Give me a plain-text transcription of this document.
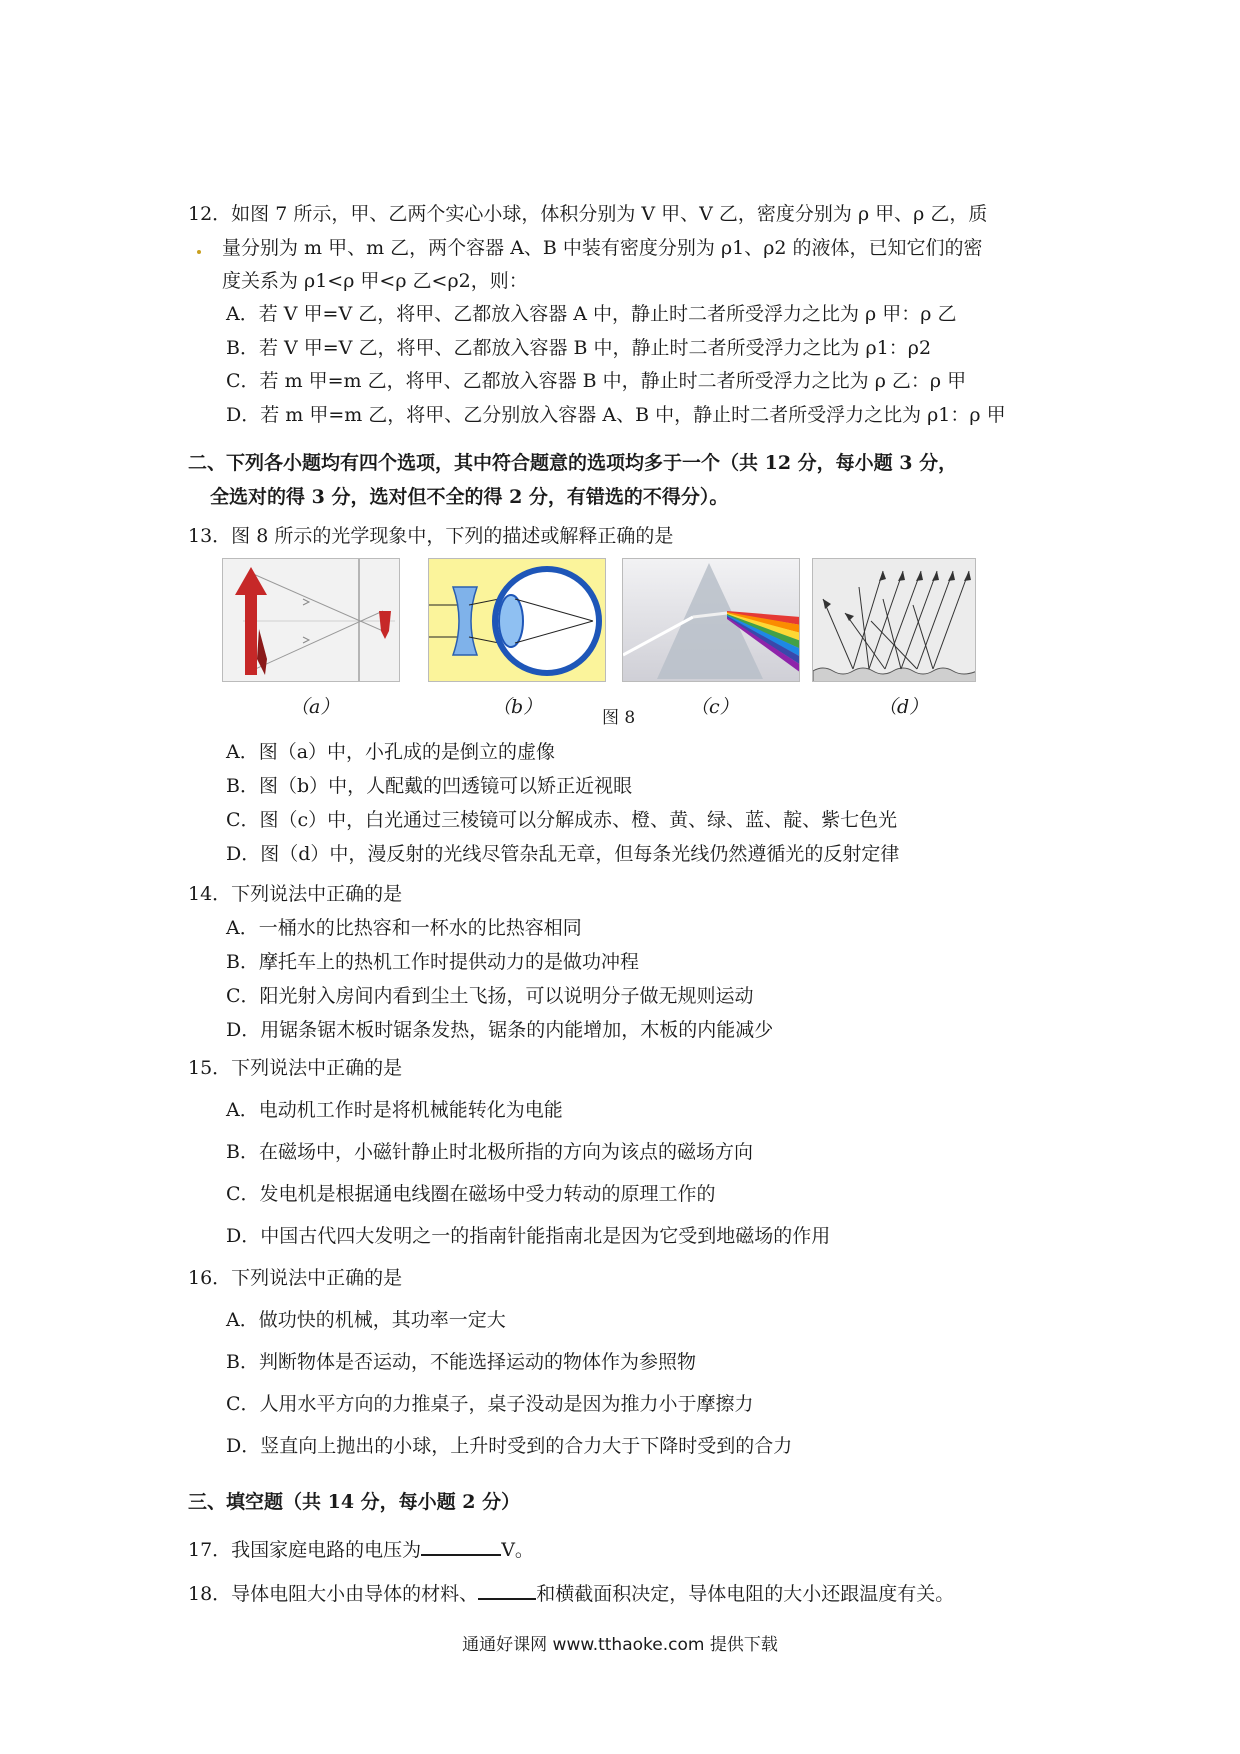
12．如图 7 所示，甲、乙两个实心小球，体积分别为 V 甲、V 乙，密度分别为 ρ 甲、ρ 乙，质
量分别为 m 甲、m 乙，两个容器 A、B 中装有密度分别为 ρ1、ρ2 的液体，已知它们的密
度关系为 ρ1<ρ 甲<ρ 乙<ρ2，则：
A．若 V 甲=V 乙，将甲、乙都放入容器 A 中，静止时二者所受浮力之比为 ρ 甲：ρ 乙
B．若 V 甲=V 乙，将甲、乙都放入容器 B 中，静止时二者所受浮力之比为 ρ1：ρ2
C．若 m 甲=m 乙，将甲、乙都放入容器 B 中，静止时二者所受浮力之比为 ρ 乙：ρ 甲
D．若 m 甲=m 乙，将甲、乙分别放入容器 A、B 中，静止时二者所受浮力之比为 ρ1：ρ 甲
二、下列各小题均有四个选项，其中符合题意的选项均多于一个（共 12 分，每小题 3 分，
全选对的得 3 分，选对但不全的得 2 分，有错选的不得分）。
13．图 8 所示的光学现象中，下列的描述或解释正确的是
（a）	（b）	图 8	（c）	（d）
A．图（a）中，小孔成的是倒立的虚像
B．图（b）中，人配戴的凹透镜可以矫正近视眼
C．图（c）中，白光通过三棱镜可以分解成赤、橙、黄、绿、蓝、靛、紫七色光
D．图（d）中，漫反射的光线尽管杂乱无章，但每条光线仍然遵循光的反射定律
14．下列说法中正确的是
A．一桶水的比热容和一杯水的比热容相同
B．摩托车上的热机工作时提供动力的是做功冲程
C．阳光射入房间内看到尘土飞扬，可以说明分子做无规则运动
D．用锯条锯木板时锯条发热，锯条的内能增加，木板的内能减少
15．下列说法中正确的是
A．电动机工作时是将机械能转化为电能
B．在磁场中，小磁针静止时北极所指的方向为该点的磁场方向
C．发电机是根据通电线圈在磁场中受力转动的原理工作的
D．中国古代四大发明之一的指南针能指南北是因为它受到地磁场的作用
16．下列说法中正确的是
A．做功快的机械，其功率一定大
B．判断物体是否运动，不能选择运动的物体作为参照物
C．人用水平方向的力推桌子，桌子没动是因为推力小于摩擦力
D．竖直向上抛出的小球，上升时受到的合力大于下降时受到的合力
三、填空题（共 14 分，每小题 2 分）
17．我国家庭电路的电压为	V。
18．导体电阻大小由导体的材料、	和横截面积决定，导体电阻的大小还跟温度有关。
通通好课网 www.tthaoke.com 提供下载
